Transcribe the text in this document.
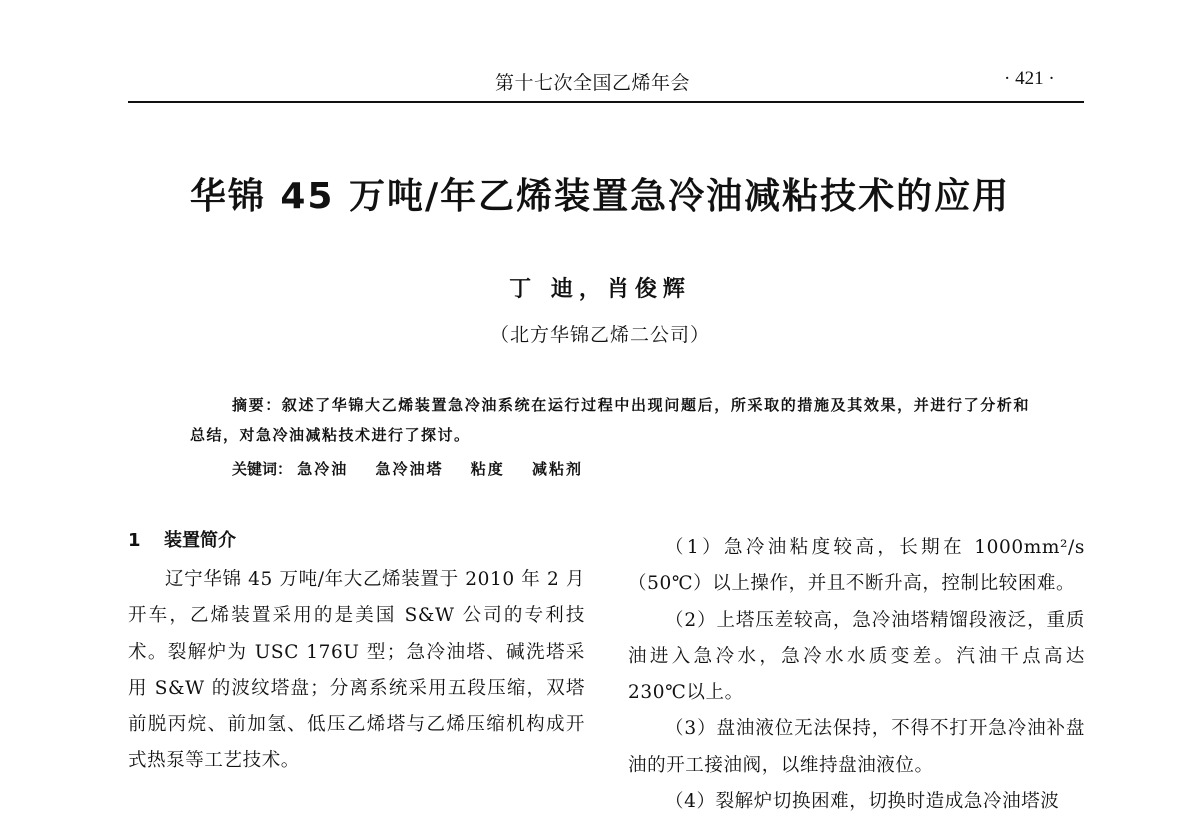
第十七次全国乙烯年会	· 421 ·
华锦 45 万吨/年乙烯装置急冷油减粘技术的应用
丁 迪，肖俊辉
（北方华锦乙烯二公司）
摘要：叙述了华锦大乙烯装置急冷油系统在运行过程中出现问题后，所采取的措施及其效果，并进行了分析和总结，对急冷油减粘技术进行了探讨。
关键词： 急冷油 急冷油塔 粘度 减粘剂
1 装置简介

辽宁华锦 45 万吨/年大乙烯装置于 2010 年 2 月开车，乙烯装置采用的是美国 S&W 公司的专利技术。裂解炉为 USC 176U 型；急冷油塔、碱洗塔采用 S&W 的波纹塔盘；分离系统采用五段压缩，双塔前脱丙烷、前加氢、低压乙烯塔与乙烯压缩机构成开式热泵等工艺技术。

（1）急冷油粘度较高，长期在 1000mm²/s（50℃）以上操作，并且不断升高，控制比较困难。

（2）上塔压差较高，急冷油塔精馏段液泛，重质油进入急冷水，急冷水水质变差。汽油干点高达 230℃以上。

（3）盘油液位无法保持，不得不打开急冷油补盘油的开工接油阀，以维持盘油液位。

（4）裂解炉切换困难，切换时造成急冷油塔波
